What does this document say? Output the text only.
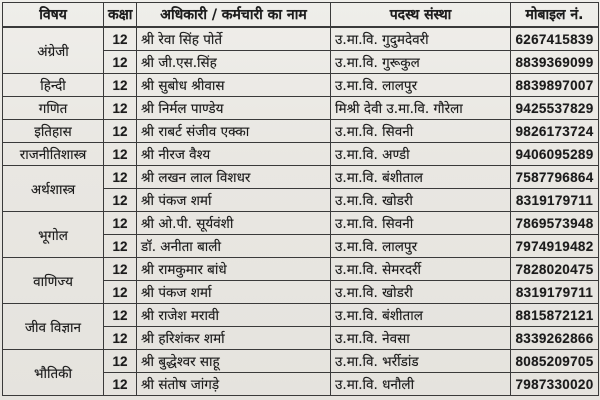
विषय	कक्षा	अधिकारी / कर्मचारी का नाम	पदस्थ संस्था	मोबाइल नं.
अंग्रेजी	12	श्री रेवा सिंह पोर्ते	उ.मा.वि. गुदुमदेवरी	6267415839
	12	श्री जी.एस.सिंह	उ.मा.वि. गुरूकुल	8839369099
हिन्दी	12	श्री सुबोध श्रीवास	उ.मा.वि. लालपुर	8839897007
गणित	12	श्री निर्मल पाण्डेय	मिश्री देवी उ.मा.वि. गौरेला	9425537829
इतिहास	12	श्री राबर्ट संजीव एक्का	उ.मा.वि. सिवनी	9826173724
राजनीतिशास्त्र	12	श्री नीरज वैश्य	उ.मा.वि. अण्डी	9406095289
अर्थशास्त्र	12	श्री लखन लाल विशधर	उ.मा.वि. बंशीताल	7587796864
	12	श्री पंकज शर्मा	उ.मा.वि. खोडरी	8319179711
भूगोल	12	श्री ओ.पी. सूर्यवंशी	उ.मा.वि. सिवनी	7869573948
	12	डॉ. अनीता बाली	उ.मा.वि. लालपुर	7974919482
वाणिज्य	12	श्री रामकुमार बांधे	उ.मा.वि. सेमरदर्री	7828020475
	12	श्री पंकज शर्मा	उ.मा.वि. खोडरी	8319179711
जीव विज्ञान	12	श्री राजेश मरावी	उ.मा.वि. बंशीताल	8815872121
	12	श्री हरिशंकर शर्मा	उ.मा.वि. नेवसा	8339262866
भौतिकी	12	श्री बुद्धेश्वर साहू	उ.मा.वि. भर्रीडांड	8085209705
	12	श्री संतोष जांगड़े	उ.मा.वि. धनौली	7987330020
